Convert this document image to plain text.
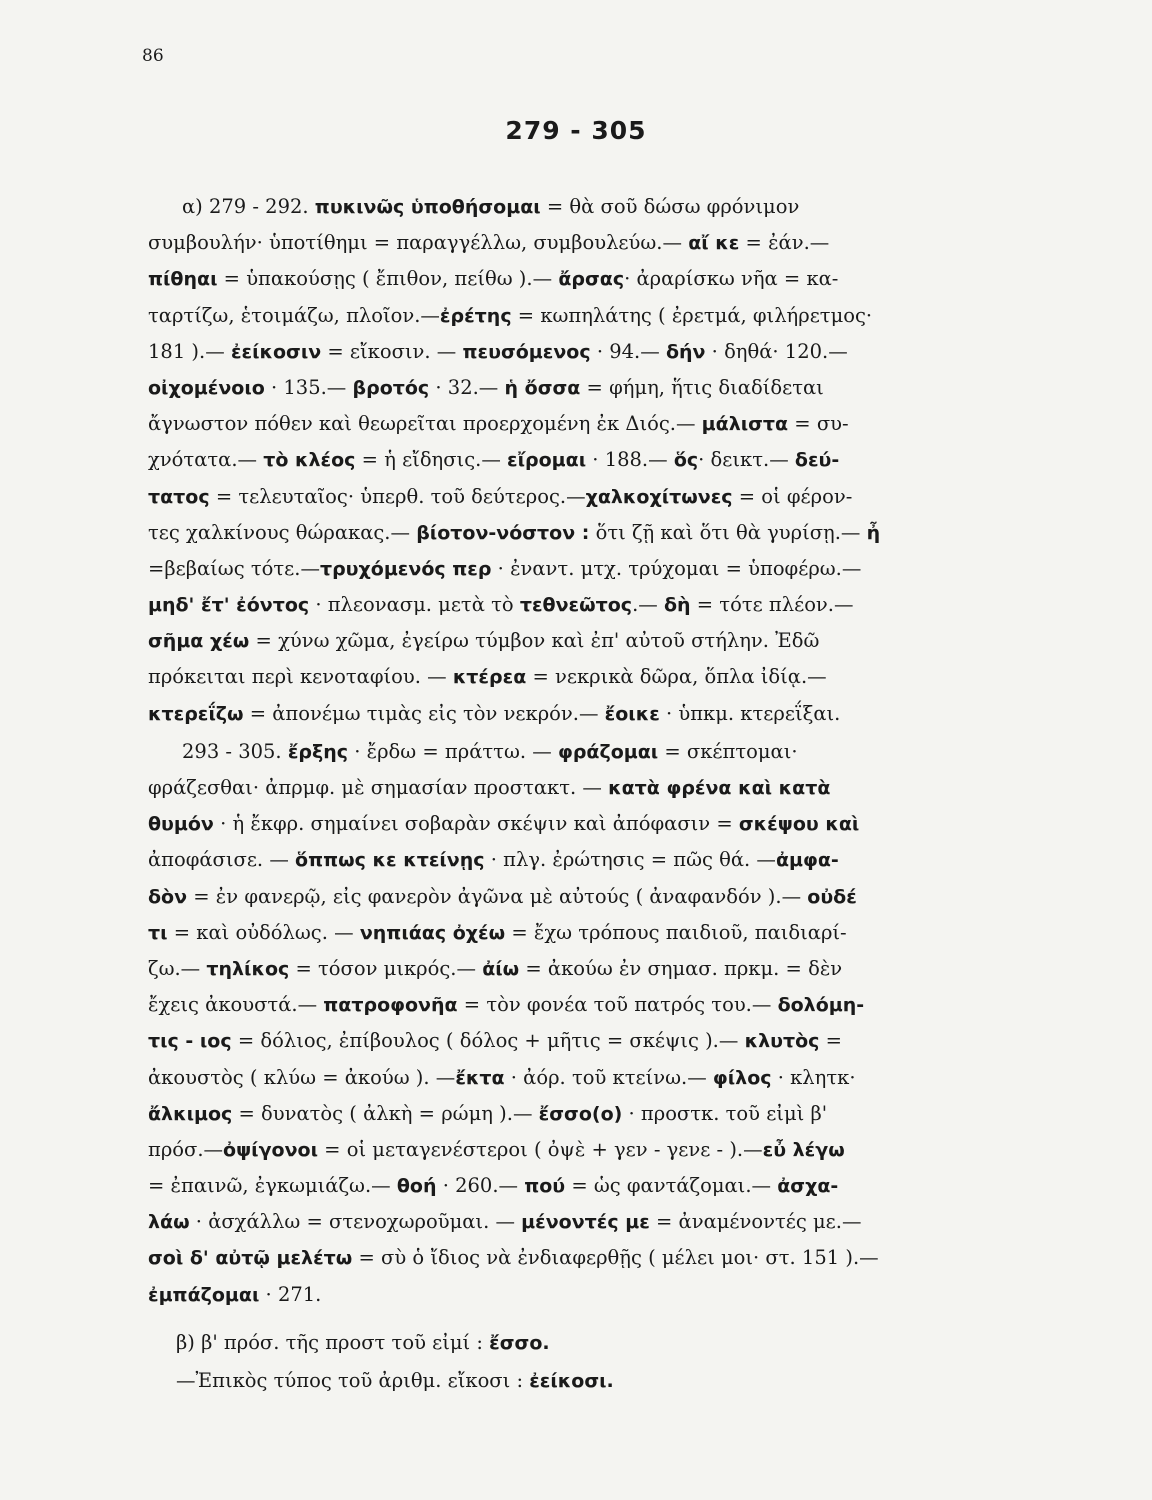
86
279 - 305
α) 279 - 292. πυκινῶς ὑποθήσομαι = θὰ σοῦ δώσω φρόνιμον
συμβουλήν· ὑποτίθημι = παραγγέλλω, συμβουλεύω.— αἴ κε = ἐάν.—
πίθηαι = ὑπακούσῃς ( ἔπιθον, πείθω ).— ἄρσας· ἀραρίσκω νῆα = κα-
ταρτίζω, ἑτοιμάζω, πλοῖον.—ἐρέτης = κωπηλάτης ( ἐρετμά, φιλήρετμος·
181 ).— ἐείκοσιν = εἴκοσιν. — πευσόμενος · 94.— δήν · δηθά· 120.—
οἰχομένοιο · 135.— βροτός · 32.— ἡ ὄσσα = φήμη, ἥτις διαδίδεται
ἄγνωστον πόθεν καὶ θεωρεῖται προερχομένη ἐκ Διός.— μάλιστα = συ-
χνότατα.— τὸ κλέος = ἡ εἴδησις.— εἴρομαι · 188.— ὅς· δεικτ.— δεύ-
τατος = τελευταῖος· ὑπερθ. τοῦ δεύτερος.—χαλκοχίτωνες = οἱ φέρον-
τες χαλκίνους θώρακας.— βίοτον-νόστον : ὅτι ζῇ καὶ ὅτι θὰ γυρίσῃ.— ἦ
=βεβαίως τότε.—τρυχόμενός περ · ἐναντ. μτχ. τρύχομαι = ὑποφέρω.—
μηδ' ἔτ' ἐόντος · πλεονασμ. μετὰ τὸ τεθνεῶτος.— δὴ = τότε πλέον.—
σῆμα χέω = χύνω χῶμα, ἐγείρω τύμβον καὶ ἐπ' αὐτοῦ στήλην. Ἐδῶ
πρόκειται περὶ κενοταφίου. — κτέρεα = νεκρικὰ δῶρα, ὅπλα ἰδίᾳ.—
κτερεΐζω = ἀπονέμω τιμὰς εἰς τὸν νεκρόν.— ἔοικε · ὑπκμ. κτερεΐξαι.
293 - 305. ἔρξης · ἔρδω = πράττω. — φράζομαι = σκέπτομαι·
φράζεσθαι· ἀπρμφ. μὲ σημασίαν προστακτ. — κατὰ φρένα καὶ κατὰ
θυμόν · ἡ ἔκφρ. σημαίνει σοβαρὰν σκέψιν καὶ ἀπόφασιν = σκέψου καὶ
ἀποφάσισε. — ὅππως κε κτείνῃς · πλγ. ἐρώτησις = πῶς θά. —ἀμφα-
δὸν = ἐν φανερῷ, εἰς φανερὸν ἀγῶνα μὲ αὐτούς ( ἀναφανδόν ).— οὐδέ
τι = καὶ οὐδόλως. — νηπιάας ὀχέω = ἔχω τρόπους παιδιοῦ, παιδιαρί-
ζω.— τηλίκος = τόσον μικρός.— ἀίω = ἀκούω ἐν σημασ. πρκμ. = δὲν
ἔχεις ἀκουστά.— πατροφονῆα = τὸν φονέα τοῦ πατρός του.— δολόμη-
τις - ιος = δόλιος, ἐπίβουλος ( δόλος + μῆτις = σκέψις ).— κλυτὸς =
ἀκουστὸς ( κλύω = ἀκούω ). —ἔκτα · ἀόρ. τοῦ κτείνω.— φίλος · κλητκ·
ἄλκιμος = δυνατὸς ( ἀλκὴ = ρώμη ).— ἔσσο(ο) · προστκ. τοῦ εἰμὶ β'
πρόσ.—ὀψίγονοι = οἱ μεταγενέστεροι ( ὀψὲ + γεν - γενε - ).—εὖ λέγω
= ἐπαινῶ, ἐγκωμιάζω.— θοή · 260.— πού = ὡς φαντάζομαι.— ἀσχα-
λάω · ἀσχάλλω = στενοχωροῦμαι. — μένοντές με = ἀναμένοντές με.—
σοὶ δ' αὐτῷ μελέτω = σὺ ὁ ἴδιος νὰ ἐνδιαφερθῇς ( μέλει μοι· στ. 151 ).—
ἐμπάζομαι · 271.
β) β' πρόσ. τῆς προστ τοῦ εἰμί : ἔσσο.
—Ἐπικὸς τύπος τοῦ ἀριθμ. εἴκοσι : ἐείκοσι.
